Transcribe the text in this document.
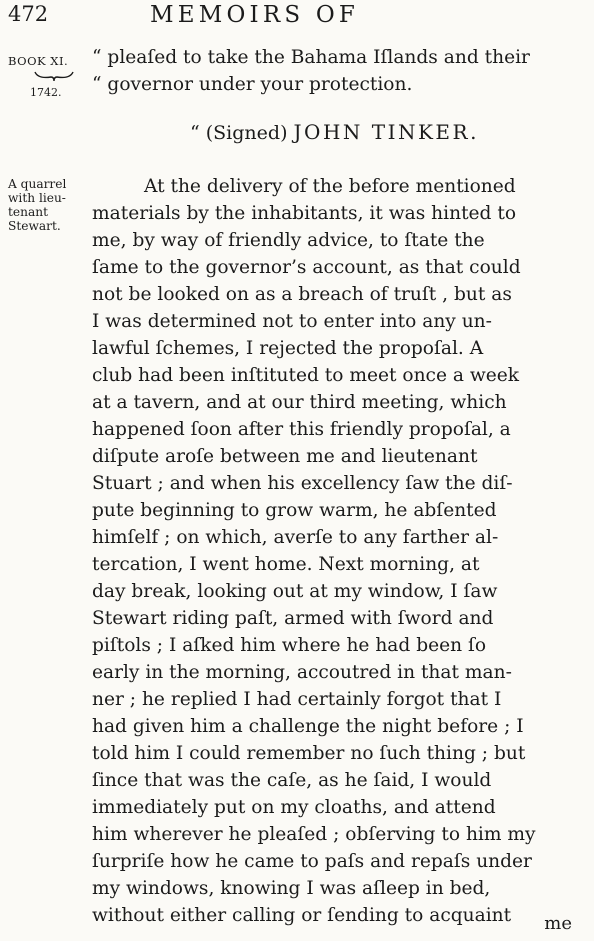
472	MEMOIRS OF
BOOK XI.
1742.
“ pleaſed to take the Bahama Iſlands and their
“ governor under your protection.
“ (Signed) JOHN TINKER.
A quarrel
with lieu-
tenant
Stewart.
At the delivery of the before mentioned
materials by the inhabitants, it was hinted to
me, by way of friendly advice, to ſtate the
ſame to the governor’s account, as that could
not be looked on as a breach of truſt , but as
I was determined not to enter into any un-
lawful ſchemes, I rejected the propoſal. A
club had been inſtituted to meet once a week
at a tavern, and at our third meeting, which
happened ſoon after this friendly propoſal, a
diſpute aroſe between me and lieutenant
Stuart ; and when his excellency ſaw the diſ-
pute beginning to grow warm, he abſented
himſelf ; on which, averſe to any farther al-
tercation, I went home. Next morning, at
day break, looking out at my window, I ſaw
Stewart riding paſt, armed with ſword and
piſtols ; I aſked him where he had been ſo
early in the morning, accoutred in that man-
ner ; he replied I had certainly forgot that I
had given him a challenge the night before ; I
told him I could remember no ſuch thing ; but
ſince that was the caſe, as he ſaid, I would
immediately put on my cloaths, and attend
him wherever he pleaſed ; obſerving to him my
ſurpriſe how he came to paſs and repaſs under
my windows, knowing I was aſleep in bed,
without either calling or ſending to acquaint	me
